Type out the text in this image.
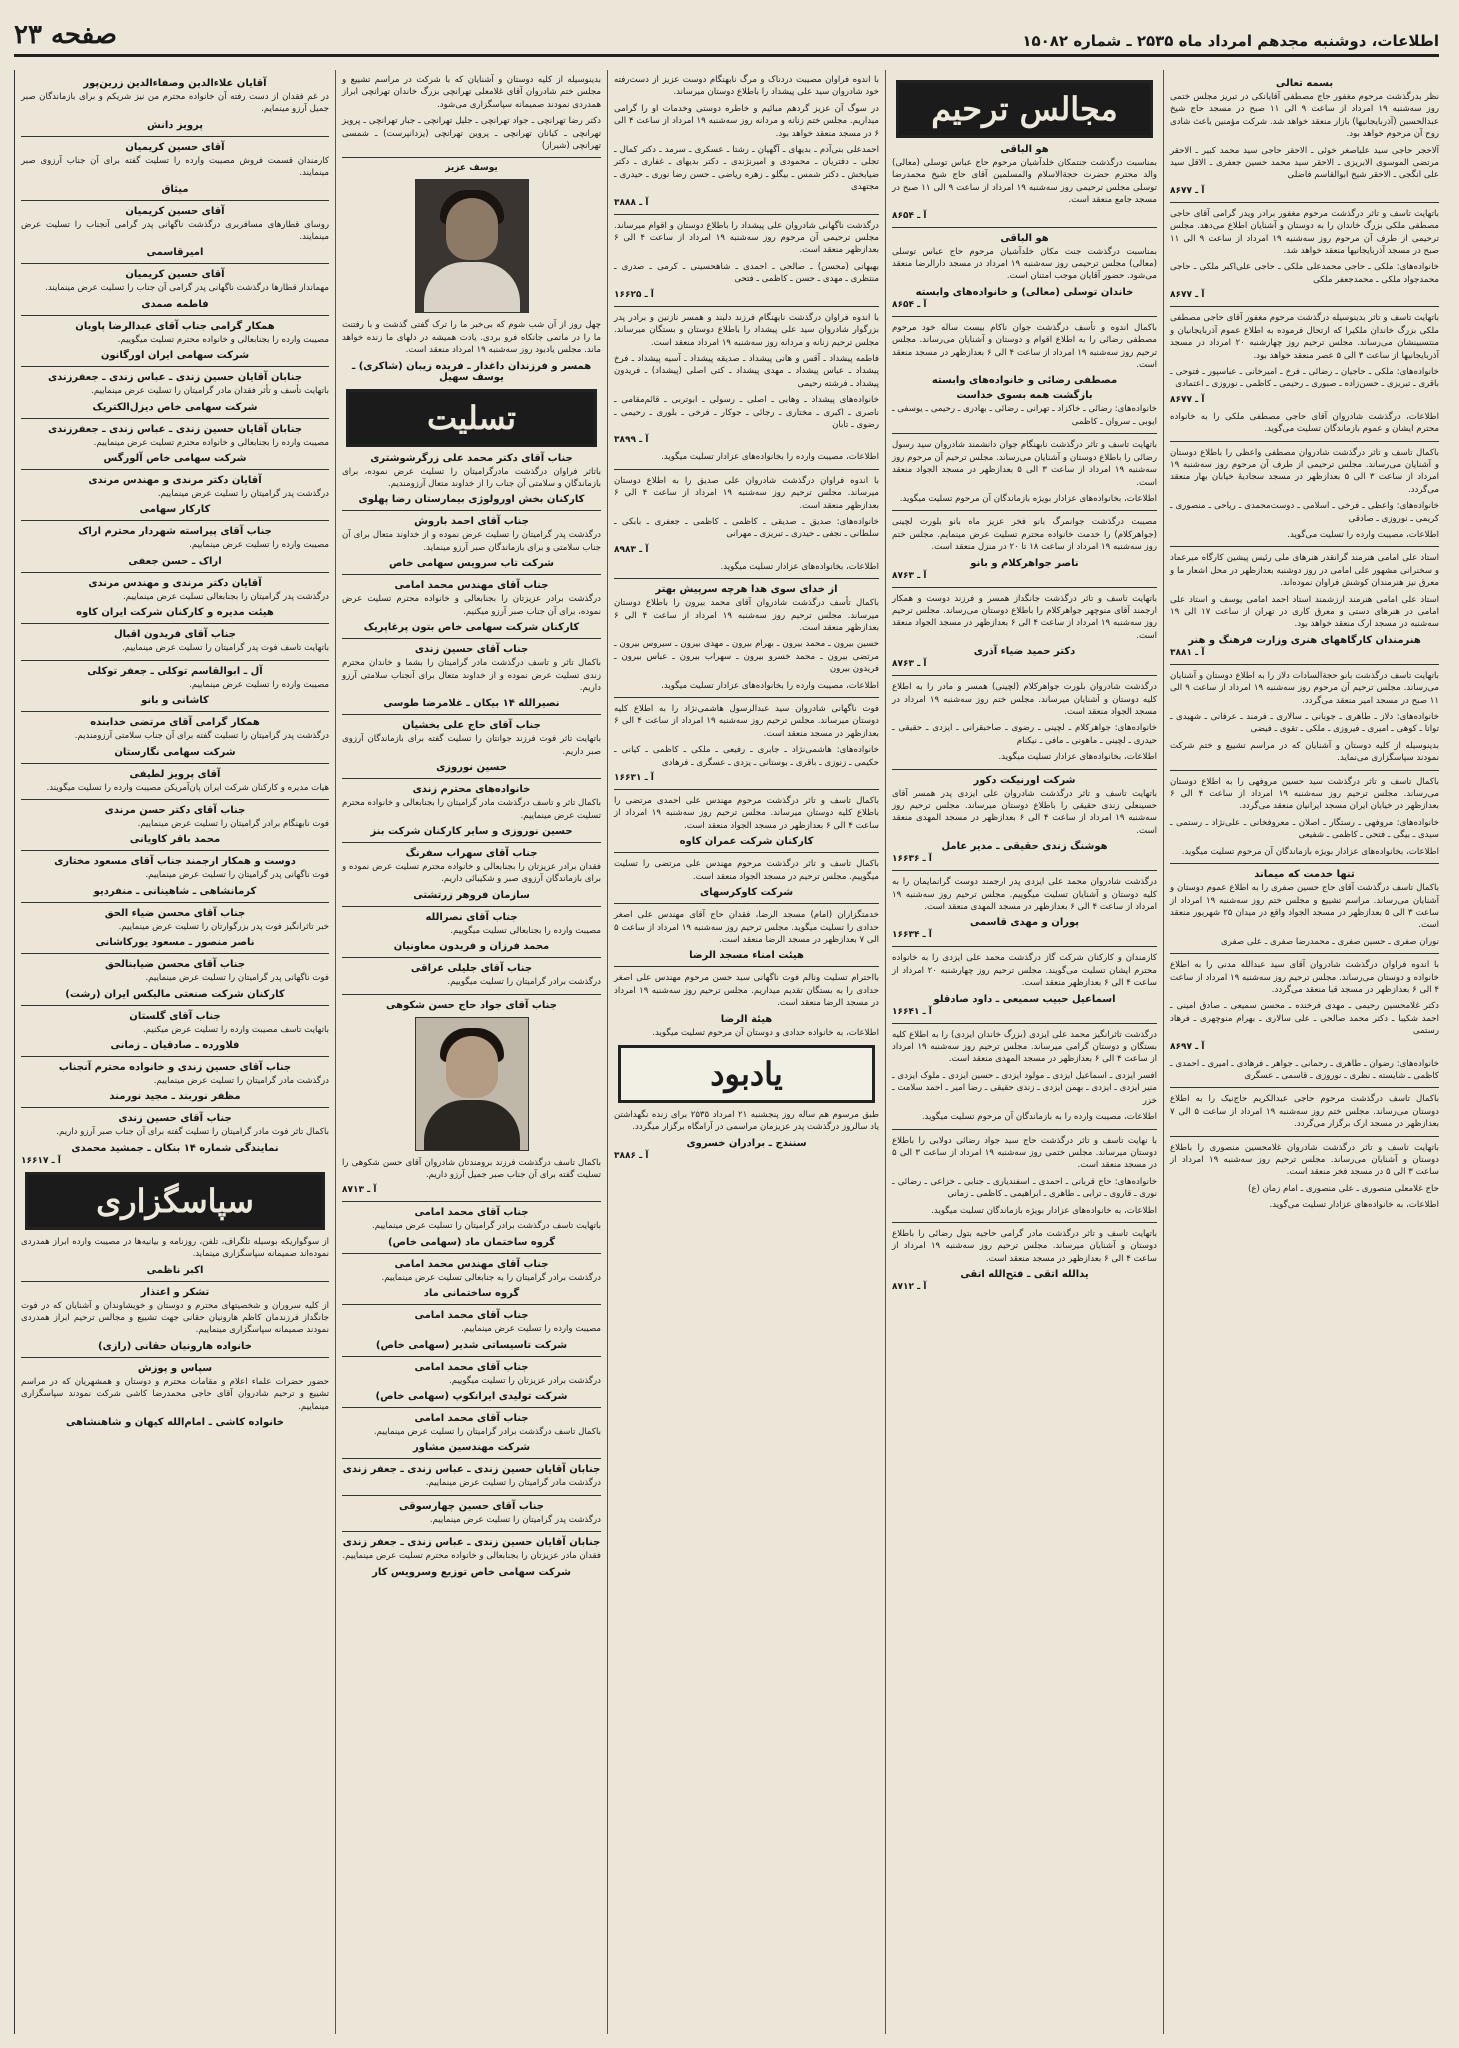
اطلاعات، دوشنبه مجدهم امرداد ماه ۲۵۳۵ ـ شماره ۱۵۰۸۲
صفحه ۲۳
بسمه تعالی

نظر بدرگذشت مرحوم مغفور حاج مصطفی آقایانکی در تبریز مجلس ختمی روز سه‌شنبه ۱۹ امرداد از ساعت ۹ الی ۱۱ صبح در مسجد حاج شیخ عبدالحسین (آذربایجانیها) بازار منعقد خواهد شد. شرکت مؤمنین باعث شادی روح آن مرحوم خواهد بود.

آلاحجر حاجی سید علیاصغر خوئی ـ الاحقر حاجی سید محمد کبیر ـ الاحقر مرتضی الموسوی الابریزی ـ الاحقر سید محمد حسین جعفری ـ الاقل سید علی انگجی ـ الاحقر شیخ ابوالقاسم فاضلی

آ ـ ۸۶۷۷

باتهایت تاسف و تاثر درگذشت مرحوم مغفور برادر ویدر گرامی آقای حاجی مصطفی ملکی بزرگ خاندان را به دوستان و آشنایان اطلاع می‌دهد. مجلس ترحیمی از طرف آن مرحوم روز سه‌شنبه ۱۹ امرداد از ساعت ۹ الی ۱۱ صبح در مسجد آذربایجانیها منعقد خواهد شد.

خانواده‌های: ملکی ـ حاجی محمدعلی ملکی ـ حاجی علی‌اکبر ملکی ـ حاجی محمدجواد ملکی ـ محمدجعفر ملکی

آ ـ ۸۶۷۷

باتهایت تاسف و تاثر بدینوسیله درگذشت مرحوم مغفور آقای حاجی مصطفی ملکی بزرگ خاندان ملکیرا که ارتحال فرموده به اطلاع عموم آذربایجانیان و منتسبینشان می‌رساند. مجلس ترحیم روز چهارشنبه ۲۰ امرداد در مسجد آذربایجانیها از ساعت ۳ الی ۵ عصر منعقد خواهد بود.

خانواده‌های: ملکی ـ حاجیان ـ رضائی ـ فرخ ـ امیرخانی ـ عباسپور ـ فتوحی ـ باقری ـ تبریزی ـ حسن‌زاده ـ صبوری ـ رحیمی ـ کاظمی ـ نوروزی ـ اعتمادی

آ ـ ۸۶۷۷

اطلاعات، درگذشت شادروان آقای حاجی مصطفی ملکی را به خانواده محترم ایشان و عموم بازماندگان تسلیت می‌گوید.

باکمال تاسف و تاثر درگذشت شادروان مصطفی واعظی را باطلاع دوستان و آشنایان می‌رساند. مجلس ترحیمی از طرف آن مرحوم روز سه‌شنبه ۱۹ امرداد از ساعت ۳ الی ۵ بعدازظهر در مسجد سجادیهٔ خیابان بهار منعقد می‌گردد.

خانواده‌های: واعظی ـ فرخی ـ اسلامی ـ دوست‌محمدی ـ ریاحی ـ منصوری ـ کریمی ـ نوروزی ـ صادقی

اطلاعات، مصیبت وارده را تسلیت می‌گوید.

استاد علی امامی هنرمند گرانقدر هنرهای ملی رئیس پیشین کارگاه میرعماد و سخنرانی مشهور علی امامی در روز دوشنبه بعدازظهر در محل اشعار ما و معرق نیز هنرمندان کوشش فراوان نموده‌اند.

استاد علی امامی هنرمند ارزشمند استاد احمد امامی یوسف و استاد علی امامی در هنرهای دستی و معرق کاری در تهران از ساعت ۱۷ الی ۱۹ سه‌شنبه در مسجد ارک منعقد خواهد بود.

هنرمندان کارگاههای هنری وزارت فرهنگ و هنر
آ ـ ۳۸۸۱

باتهایت تاسف درگذشت بانو حجة‌السادات دلاز را به اطلاع دوستان و آشنایان می‌رساند. مجلس ترحیم آن مرحوم روز سه‌شنبه ۱۹ امرداد از ساعت ۹ الی ۱۱ صبح در مسجد امیر منعقد می‌گردد.

خانواده‌های: دلاز ـ طاهری ـ جوبانی ـ سالاری ـ فرمند ـ عرفانی ـ شهیدی ـ توانا ـ کوهی ـ امیری ـ فیروزی ـ ملکی ـ تقوی ـ فیضی

بدینوسیله از کلیه دوستان و آشنایان که در مراسم تشییع و ختم شرکت نمودند سپاسگزاری می‌نماید.

باکمال تاسف و تاثر درگذشت سید حسین مروفهی را به اطلاع دوستان می‌رساند. مجلس ترحیم روز سه‌شنبه ۱۹ امرداد از ساعت ۴ الی ۶ بعدازظهر در خیابان ایران مسجد ایرانیان منعقد می‌گردد.

خانواده‌های: مروفهی ـ رستگار ـ اصلان ـ معروفخانی ـ علی‌نژاد ـ رستمی ـ سیدی ـ بیگی ـ فتحی ـ کاظمی ـ شفیعی

اطلاعات، بخانواده‌های عزادار بویژه بازماندگان آن مرحوم تسلیت میگوید.

تنها خدمت که میماند

باکمال تاسف درگذشت آقای حاج حسین صفری را به اطلاع عموم دوستان و آشنایان می‌رساند. مراسم تشییع و مجلس ختم روز سه‌شنبه ۱۹ امرداد از ساعت ۳ الی ۵ بعدازظهر در مسجد الجواد واقع در میدان ۲۵ شهریور منعقد است.

نوران صفری ـ حسین صفری ـ محمدرضا صفری ـ علی صفری

با اندوه فراوان درگذشت شادروان آقای سید عبدالله مدنی را به اطلاع خانواده و دوستان می‌رساند. مجلس ترحیم روز سه‌شنبه ۱۹ امرداد از ساعت ۴ الی ۶ بعدازظهر در مسجد قبا منعقد می‌گردد.

دکتر غلامحسین رحیمی ـ مهدی فرخنده ـ محسن سمیعی ـ صادق امینی ـ احمد شکیبا ـ دکتر محمد صالحی ـ علی سالاری ـ بهرام منوچهری ـ فرهاد رستمی

آ ـ ۸۶۹۷

خانواده‌های: رضوان ـ طاهری ـ رحمانی ـ جواهر ـ فرهادی ـ امیری ـ احمدی ـ کاظمی ـ شایسته ـ نظری ـ نوروزی ـ قاسمی ـ عسگری

باکمال تاسف درگذشت مرحوم حاجی عبدالکریم حاج‌نیک را به اطلاع دوستان می‌رساند. مجلس ختم روز سه‌شنبه ۱۹ امرداد از ساعت ۵ الی ۷ بعدازظهر در مسجد ارک برگزار می‌گردد.

باتهایت تاسف و تاثر درگذشت شادروان غلامحسین منصوری را باطلاع دوستان و آشنایان می‌رساند. مجلس ترحیم روز سه‌شنبه ۱۹ امرداد از ساعت ۳ الی ۵ در مسجد فخر منعقد است.

حاج غلامعلی منصوری ـ علی منصوری ـ امام زمان (ع)

اطلاعات، به خانواده‌های عزادار تسلیت می‌گوید.

مجالس ترحیم
هو الباقی

بمناسبت درگذشت جنتمکان خلدآشیان مرحوم حاج عباس توسلی (معالی) والد محترم حضرت حجة‌الاسلام والمسلمین آقای حاج شیخ محمدرضا توسلی مجلس ترحیمی روز سه‌شنبه ۱۹ امرداد از ساعت ۹ الی ۱۱ صبح در مسجد جامع منعقد است.

آ ـ ۸۶۵۴
هو الباقی

بمناسبت درگذشت جنت مکان خلدآشیان مرحوم حاج عباس توسلی (معالی) مجلس ترحیمی روز سه‌شنبه ۱۹ امرداد در مسجد دارالرضا منعقد می‌شود. حضور آقایان موجب امتنان است.

خاندان توسلی (معالی) و خانواده‌های وابسته
آ ـ ۸۶۵۴

باکمال اندوه و تأسف درگذشت جوان ناکام بیست ساله خود مرحوم مصطفی رضائی را به اطلاع اقوام و دوستان و آشنایان می‌رساند. مجلس ترحیم روز سه‌شنبه ۱۹ امرداد از ساعت ۴ الی ۶ بعدازظهر در مسجد منعقد است.

مصطفی رضائی و خانواده‌های وابسته
بازگشت همه بسوی خداست

خانواده‌های: رضائی ـ خاکزاد ـ تهرانی ـ رضائی ـ بهادری ـ رحیمی ـ یوسفی ـ ایوبی ـ سروان ـ کاظمی

باتهایت تاسف و تاثر درگذشت نابهنگام جوان دانشمند شادروان سید رسول رضائی را باطلاع دوستان و آشنایان می‌رساند. مجلس ترحیم آن مرحوم روز سه‌شنبه ۱۹ امرداد از ساعت ۳ الی ۵ بعدازظهر در مسجد الجواد منعقد است.

اطلاعات، بخانواده‌های عزادار بویژه بازماندگان آن مرحوم تسلیت میگوید.

مصیبت درگذشت جوانمرگ بانو فخر عزیز ماه بانو بلورت لچینی (جواهرکلام) را خدمت خانواده محترم تسلیت عرض مینمایم. مجلس ختم روز سه‌شنبه ۱۹ امرداد از ساعت ۱۸ تا ۲۰ در منزل منعقد است.

ناصر جواهرکلام و بانو
آ ـ ۸۷۶۳

باتهایت تاسف و تاثر درگذشت جانگداز همسر و فرزند دوست و همکار ارجمند آقای منوچهر جواهرکلام را باطلاع دوستان می‌رساند. مجلس ترحیم روز سه‌شنبه ۱۹ امرداد از ساعت ۴ الی ۶ بعدازظهر در مسجد الجواد منعقد است.

دکتر حمید ضیاء آذری
آ ـ ۸۷۶۳

درگذشت شادروان بلورت جواهرکلام (لچینی) همسر و مادر را به اطلاع کلیه دوستان و آشنایان میرساند. مجلس ختم روز سه‌شنبه ۱۹ امرداد در مسجد الجواد منعقد است.

خانواده‌های: جواهرکلام ـ لچینی ـ رضوی ـ صاحبقرانی ـ ایزدی ـ حقیقی ـ حیدری ـ لچینی ـ ماهونی ـ مافی ـ نیکنام

اطلاعات، بخانواده‌های عزادار تسلیت میگوید.

شرکت اورنیکت دکور

باتهایت تاسف و تاثر درگذشت شادروان علی ایزدی پدر همسر آقای حسینعلی زندی حقیقی را باطلاع دوستان میرساند. مجلس ترحیم روز سه‌شنبه ۱۹ امرداد از ساعت ۴ الی ۶ بعدازظهر در مسجد المهدی منعقد است.

هوشنگ زندی حقیقی ـ مدیر عامل
آ ـ ۱۶۶۳۶

درگذشت شادروان محمد علی ایزدی پدر ارجمند دوست گرانمایمان را به کلیه دوستان و آشنایان تسلیت میگوییم. مجلس ترحیم روز سه‌شنبه ۱۹ امرداد از ساعت ۴ الی ۶ بعدازظهر در مسجد المهدی منعقد است.

پوران و مهدی قاسمی
آ ـ ۱۶۶۳۴

کارمندان و کارکنان شرکت گاز درگذشت محمد علی ایزدی را به خانواده محترم ایشان تسلیت می‌گویند. مجلس ترحیم روز چهارشنبه ۲۰ امرداد از ساعت ۴ الی ۶ بعدازظهر منعقد است.

اسماعیل حبیب سمیعی ـ داود صادقلو
آ ـ ۱۶۶۴۱

درگذشت تاثرانگیز محمد علی ایزدی (بزرگ خاندان ایزدی) را به اطلاع کلیه بستگان و دوستان گرامی میرساند. مجلس ترحیم روز سه‌شنبه ۱۹ امرداد از ساعت ۴ الی ۶ بعدازظهر در مسجد المهدی منعقد است.

افسر ایزدی ـ اسماعیل ایزدی ـ مولود ایزدی ـ حسین ایزدی ـ ملوک ایزدی ـ منیر ایزدی ـ ایزدی ـ بهمن ایزدی ـ زندی حقیقی ـ رضا امیر ـ احمد سلامت ـ خزر

اطلاعات، مصیبت وارده را به بازماندگان آن مرحوم تسلیت میگوید.

با نهایت تاسف و تاثر درگذشت حاج سید جواد رضائی دولابی را باطلاع دوستان میرساند. مجلس ختمی روز سه‌شنبه ۱۹ امرداد از ساعت ۳ الی ۵ در مسجد منعقد است.

خانواده‌های: حاج قربانی ـ احمدی ـ اسفندیاری ـ جنابی ـ خزاعی ـ رضائی ـ نوری ـ قاروی ـ ترابی ـ طاهری ـ ابراهیمی ـ کاظمی ـ زمانی

اطلاعات، به خانواده‌های عزادار بویژه بازماندگان تسلیت میگوید.

باتهایت تاسف و تاثر درگذشت مادر گرامی حاجیه بتول رضائی را باطلاع دوستان و آشنایان میرساند. مجلس ترحیم روز سه‌شنبه ۱۹ امرداد از ساعت ۴ الی ۶ بعدازظهر در مسجد منعقد است.

یدالله اتقی ـ فتح‌الله اتقی
آ ـ ۸۷۱۲

با اندوه فراوان مصیبت دردناک و مرگ نابهنگام دوست عزیز از دست‌رفته خود شادروان سید علی پیشداد را باطلاع دوستان میرساند.

در سوگ آن عزیز گردهم مبائیم و خاطره دوستی وخدمات او را گرامی میداریم. مجلس ختم زنانه و مردانه روز سه‌شنبه ۱۹ امرداد از ساعت ۴ الی ۶ در مسجد منعقد خواهد بود.

احمدعلی بنی‌آدم ـ بدیهای ـ آگهیان ـ رشتا ـ عسکری ـ سرمد ـ دکتر کمال ـ تجلی ـ دفتریان ـ محمودی و امیرنژندی ـ دکتر بدیهای ـ غفاری ـ دکتر ضیابخش ـ دکتر شمس ـ بیگلو ـ زهره ریاضی ـ حسن رضا نوری ـ حیدری ـ مجتهدی

آ ـ ۳۸۸۸

درگذشت ناگهانی شادروان علی پیشداد را باطلاع دوستان و اقوام میرساند. مجلس ترحیمی آن مرحوم روز سه‌شنبه ۱۹ امرداد از ساعت ۴ الی ۶ بعدازظهر منعقد است.

بهبهانی (محسن) ـ صالحی ـ احمدی ـ شاهحسینی ـ کرمی ـ صدری ـ منتظری ـ مهدی ـ حسن ـ کاظمی ـ فتحی

آ ـ ۱۶۶۲۵

با اندوه فراوان درگذشت نابهنگام فرزند دلبند و همسر نازنین و برادر پدر بزرگوار شادروان سید علی پیشداد را باطلاع دوستان و بستگان میرساند. مجلس ترحیم زنانه و مردانه روز سه‌شنبه ۱۹ امرداد منعقد است.

فاطمه پیشداد ـ آقس و هانی پیشداد ـ صدیقه پیشداد ـ آسیه پیشداد ـ فرخ پیشداد ـ عباس پیشداد ـ مهدی پیشداد ـ کتی اصلی (پیشداد) ـ فریدون پیشداد ـ فرشته رحیمی

خانواده‌های پیشداد ـ وهابی ـ اصلی ـ رسولی ـ ابوتربی ـ قائم‌مقامی ـ ناصری ـ اکبری ـ مختاری ـ رجائی ـ جوکار ـ فرخی ـ بلوری ـ رحیمی ـ رضوی ـ تابان

آ ـ ۳۸۹۹

اطلاعات، مصیبت وارده را بخانواده‌های عزادار تسلیت میگوید.

با اندوه فراوان درگذشت شادروان علی صدیق را به اطلاع دوستان میرساند. مجلس ترحیم روز سه‌شنبه ۱۹ امرداد از ساعت ۴ الی ۶ بعدازظهر منعقد است.

خانواده‌های: صدیق ـ صدیقی ـ کاظمی ـ کاظمی ـ جعفری ـ بابکی ـ سلطانی ـ نجفی ـ حیدری ـ تبریزی ـ مهرانی

آ ـ ۸۹۸۳

اطلاعات، بخانواده‌های عزادار تسلیت میگوید.

از خدای سوی هدا هرچه سرپیش بهتر

باکمال تأسف درگذشت شادروان آقای محمد بیرون را باطلاع دوستان میرساند. مجلس ترحیم روز سه‌شنبه ۱۹ امرداد از ساعت ۴ الی ۶ بعدازظهر منعقد است.

حسین بیرون ـ محمد بیرون ـ بهرام بیرون ـ مهدی بیرون ـ سیروس بیرون ـ مرتضی بیرون ـ محمد خسرو بیرون ـ سهراب بیرون ـ عباس بیرون ـ فریدون بیرون

اطلاعات، مصیبت وارده را بخانواده‌های عزادار تسلیت میگوید.

فوت ناگهانی شادروان سید عبدالرسول هاشمی‌نژاد را به اطلاع کلیه دوستان میرساند. مجلس ترحیم روز سه‌شنبه ۱۹ امرداد از ساعت ۴ الی ۶ بعدازظهر در مسجد منعقد است.

خانواده‌های: هاشمی‌نژاد ـ جابری ـ رفیعی ـ ملکی ـ کاظمی ـ کیانی ـ حکیمی ـ زنوزی ـ باقری ـ بوستانی ـ یزدی ـ عسگری ـ فرهادی

آ ـ ۱۶۶۳۱

باکمال تاسف و تاثر درگذشت مرحوم مهندس علی احمدی مرتضی را باطلاع کلیه دوستان میرساند. مجلس ترحیم روز سه‌شنبه ۱۹ امرداد از ساعت ۴ الی ۶ بعدازظهر در مسجد الجواد منعقد است.

کارکنان شرکت عمران کاوه

باکمال تاسف و تاثر درگذشت مرحوم مهندس علی مرتضی را تسلیت میگوییم. مجلس ترحیم در مسجد الجواد منعقد است.

شرکت کاوکرسهای

خدمتگزاران (امام) مسجد الرضا، فقدان حاج آقای مهندس علی اصغر حدادی را تسلیت میگوید. مجلس ترحیم روز سه‌شنبه ۱۹ امرداد از ساعت ۵ الی ۷ بعدازظهر در مسجد الرضا منعقد است.

هیئت امناء مسجد الرضا

بااحترام تسلیت ونالم فوت ناگهانی سید حسن مرحوم مهندس علی اصغر حدادی را به بستگان تقدیم میداریم. مجلس ترحیم روز سه‌شنبه ۱۹ امرداد در مسجد الرضا منعقد است.

هیئة الرضا

اطلاعات، به خانواده حدادی و دوستان آن مرحوم تسلیت میگوید.

یادبود

طبق مرسوم هم ساله روز پنجشنبه ۲۱ امرداد ۲۵۳۵ برای زنده نگهداشتن یاد سالروز درگذشت پدر عزیزمان مراسمی در آرامگاه برگزار میگردد.

سنندج ـ برادران خسروی
آ ـ ۳۸۸۶

بدینوسیله از کلیه دوستان و آشنایان که با شرکت در مراسم تشییع و مجلس ختم شادروان آقای غلامعلی تهرانچی بزرگ خاندان تهرانچی ابراز همدردی نمودند صمیمانه سپاسگزاری می‌شود.

دکتر رضا تهرانچی ـ جواد تهرانچی ـ جلیل تهرانچی ـ جبار تهرانچی ـ پرویز تهرانچی ـ کیانان تهرانچی ـ پروین تهرانچی (یزدانپرست) ـ شمسی تهرانچی (شیراز)

یوسف عزیز

چهل روز از آن شب شوم که بی‌خبر ما را ترک گفتی گذشت و با رفتنت ما را در ماتمی جانکاه فرو بردی. یادت همیشه در دلهای ما زنده خواهد ماند. مجلس یادبود روز سه‌شنبه ۱۹ امرداد منعقد است.

همسر و فرزندان داغدار ـ فریده زیبان (شاکری) ـ یوسف سهیل
تسلیت
جناب آقای دکتر محمد علی زرگرشوشتری

باتاثر فراوان درگذشت مادرگرامیتان را تسلیت عرض نموده، برای بازماندگان و سلامتی آن جناب را از خداوند متعال آرزومندیم.

کارکنان بخش اورولوژی بیمارستان رضا پهلوی
جناب آقای احمد باروش

درگذشت پدر گرامیتان را تسلیت عرض نموده و از خداوند متعال برای آن جناب سلامتی و برای بازماندگان صبر آرزو مینماید.

شرکت تاب سرویس سهامی خاص
جناب آقای مهندس محمد امامی

درگذشت برادر عزیزتان را بجنابعالی و خانواده محترم تسلیت عرض نموده، برای آن جناب صبر آرزو میکنیم.

کارکنان شرکت سهامی خاص بتون پرغاپریک
جناب آقای حسین زندی

باکمال تاثر و تاسف درگذشت مادر گرامیتان را بشما و خاندان محترم زندی تسلیت عرض نموده و از خداوند متعال برای آنجناب سلامتی آرزو داریم.

نصیرالله ۱۴ بیکان ـ غلامرضا طوسی
جناب آقای حاج علی بخشیان

باتهایت تاثر فوت فرزند جوانتان را تسلیت گفته برای بازماندگان آرزوی صبر داریم.

حسین نوروزی
خانواده‌های محترم زندی

باکمال تاثر و تاسف درگذشت مادر گرامیتان را بجنابعالی و خانواده محترم تسلیت عرض مینماییم.

حسین نوروزی و سایر کارکنان شرکت بنز
جناب آقای سهراب سفرنگ

فقدان برادر عزیزتان را بجنابعالی و خانواده محترم تسلیت عرض نموده و برای بازماندگان آرزوی صبر و شکیبائی داریم.

سازمان فروهر زرتشتی
جناب آقای نصرالله

مصیبت وارده را بجنابعالی تسلیت میگوییم.

محمد فرزان و فریدون معاونیان
جناب آقای جلیلی عراقی

درگذشت برادر گرامیتان را تسلیت میگوییم.

جناب آقای جواد حاج حسن شکوهی

باکمال تاسف درگذشت فرزند برومندتان شادروان آقای حسن شکوهی را تسلیت گفته برای آن جناب صبر جمیل آرزو داریم.

آ ـ ۸۷۱۳
جناب آقای محمد امامی

باتهایت تاسف درگذشت برادر گرامیتان را تسلیت عرض مینماییم.

گروه ساختمان ماد (سهامی خاص)
جناب آقای مهندس محمد امامی

درگذشت برادر گرامیتان را به جنابعالی تسلیت عرض مینماییم.

گروه ساختمانی ماد
جناب آقای محمد امامی

مصیبت وارده را تسلیت عرض مینماییم.

شرکت تاسیساتی شدیر (سهامی خاص)
جناب آقای محمد امامی

درگذشت برادر عزیزتان را تسلیت میگوییم.

شرکت تولیدی ایرانکوپ (سهامی خاص)
جناب آقای محمد امامی

باکمال تاسف درگذشت برادر گرامیتان را تسلیت عرض مینماییم.

شرکت مهندسین مشاور
جنابان آقایان حسین زندی ـ عباس زندی ـ جعفر زندی

درگذشت مادر گرامیتان را تسلیت عرض مینماییم.

جناب آقای حسین چهارسوقی

درگذشت پدر گرامیتان را تسلیت عرض مینماییم.

جنابان آقایان حسین زندی ـ عباس زندی ـ جعفر زندی

فقدان مادر عزیزتان را بجنابعالی و خانواده محترم تسلیت عرض مینماییم.

شرکت سهامی خاص توزیع وسرویس کار
آقایان علاءالدین وصفاءالدین زرین‌پور

در غم فقدان از دست رفته آن خانواده محترم من نیز شریکم و برای بازماندگان صبر جمیل آرزو مینمایم.

پرویز دانش
آقای حسین کریمیان

کارمندان قسمت فروش مصیبت وارده را تسلیت گفته برای آن جناب آرزوی صبر مینمایند.

میثاق
آقای حسین کریمیان

روسای قطارهای مسافربری درگذشت ناگهانی پدر گرامی آنجناب را تسلیت عرض مینمایند.

امیرقاسمی
آقای حسین کریمیان

مهماندار قطارها درگذشت ناگهانی پدر گرامی آن جناب را تسلیت عرض مینمایند.

فاطمه صمدی
همکار گرامی جناب آقای عبدالرضا پاویان

مصیبت وارده را بجنابعالی و خانواده محترم تسلیت میگوییم.

شرکت سهامی ایران اورگانون
جنابان آقایان حسین زندی ـ عباس زندی ـ جعفرزندی

باتهایت تأسف و تأثر فقدان مادر گرامیتان را تسلیت عرض مینماییم.

شرکت سهامی خاص دیزل‌الکتریک
جنابان آقایان حسین زندی ـ عباس زندی ـ جعفرزندی

مصیبت وارده را بجنابعالی و خانواده محترم تسلیت عرض مینماییم.

شرکت سهامی خاص آلورگس
آقایان دکتر مرندی و مهندس مرندی

درگذشت پدر گرامیتان را تسلیت عرض مینماییم.

کارکار سهامی
جناب آقای پیراسته شهردار محترم اراک

مصیبت وارده را تسلیت عرض مینماییم.

اراک ـ حسن جعفی
آقایان دکتر مرندی و مهندس مرندی

درگذشت پدر گرامیتان را بجنابعالی تسلیت عرض مینماییم.

هیئت مدیره و کارکنان شرکت ایران کاوه
جناب آقای فریدون اقبال

باتهایت تاسف فوت پدر گرامیتان را تسلیت عرض مینماییم.

آل ـ ابوالقاسم توکلی ـ جعفر توکلی

مصیبت وارده را تسلیت عرض مینماییم.

کاشانی و بانو
همکار گرامی آقای مرتضی خدابنده

درگذشت پدر گرامیتان را تسلیت گفته برای آن جناب سلامتی آرزومندیم.

شرکت سهامی نگارستان
آقای پرویز لطیفی

هیات مدیره و کارکنان شرکت ایران پان‌آمریکن مصیبت وارده را تسلیت میگویند.

جناب آقای دکتر حسن مرندی

فوت نابهنگام برادر گرامیتان را تسلیت عرض مینماییم.

محمد باقر کاویانی
دوست و همکار ارجمند جناب آقای مسعود مختاری

فوت ناگهانی پدر گرامیتان را تسلیت عرض مینماییم.

کرمانشاهی ـ شاهینانی ـ منفردیو
جناب آقای محسن ضیاء الحق

خبر تاثرانگیز فوت پدر بزرگوارتان را تسلیت عرض مینماییم.

ناصر منصور ـ مسعود یورکاشانی
جناب آقای محسن ضیابنالحق

فوت ناگهانی پدر گرامیتان را تسلیت عرض مینماییم.

کارکنان شرکت صنعتی مالیکس ایران (رشت)
جناب آقای گلستان

باتهایت تاسف مصیبت وارده را تسلیت عرض میکنیم.

فلاورده ـ صادقیان ـ زمانی
جناب آقای حسین زندی و خانواده محترم آنجناب

درگذشت مادر گرامیتان را تسلیت عرض مینماییم.

مظفر نوربند ـ مجید نورمند
جناب آقای حسین زندی

باکمال تاثر فوت مادر گرامیتان را تسلیت گفته برای آن جناب صبر آرزو داریم.

نمایندگی شماره ۱۴ بنکان ـ جمشید محمدی
آ ـ ۱۶۶۱۷
سپاسگزاری

از سوگواریکه بوسیله تلگراف، تلفن، روزنامه و بیانیه‌ها در مصیبت وارده ابراز همدردی نموده‌اند صمیمانه سپاسگزاری مینماید.

اکبر ناظمی
تشکر و اعتذار

از کلیه سروران و شخصیتهای محترم و دوستان و خویشاوندان و آشنایان که در فوت جانگداز فرزندمان کاظم هارونیان حقانی جهت تشییع و مجالس ترحیم ابراز همدردی نمودند صمیمانه سپاسگزاری مینماییم.

خانواده هارونیان حقانی (رازی)
سپاس و پوزش

حضور حضرات علماء اعلام و مقامات محترم و دوستان و همشهریان که در مراسم تشییع و ترحیم شادروان آقای حاجی محمدرضا کاشی شرکت نمودند سپاسگزاری مینماییم.

خانواده کاشی ـ امام‌الله کیهان و شاهنشاهی
